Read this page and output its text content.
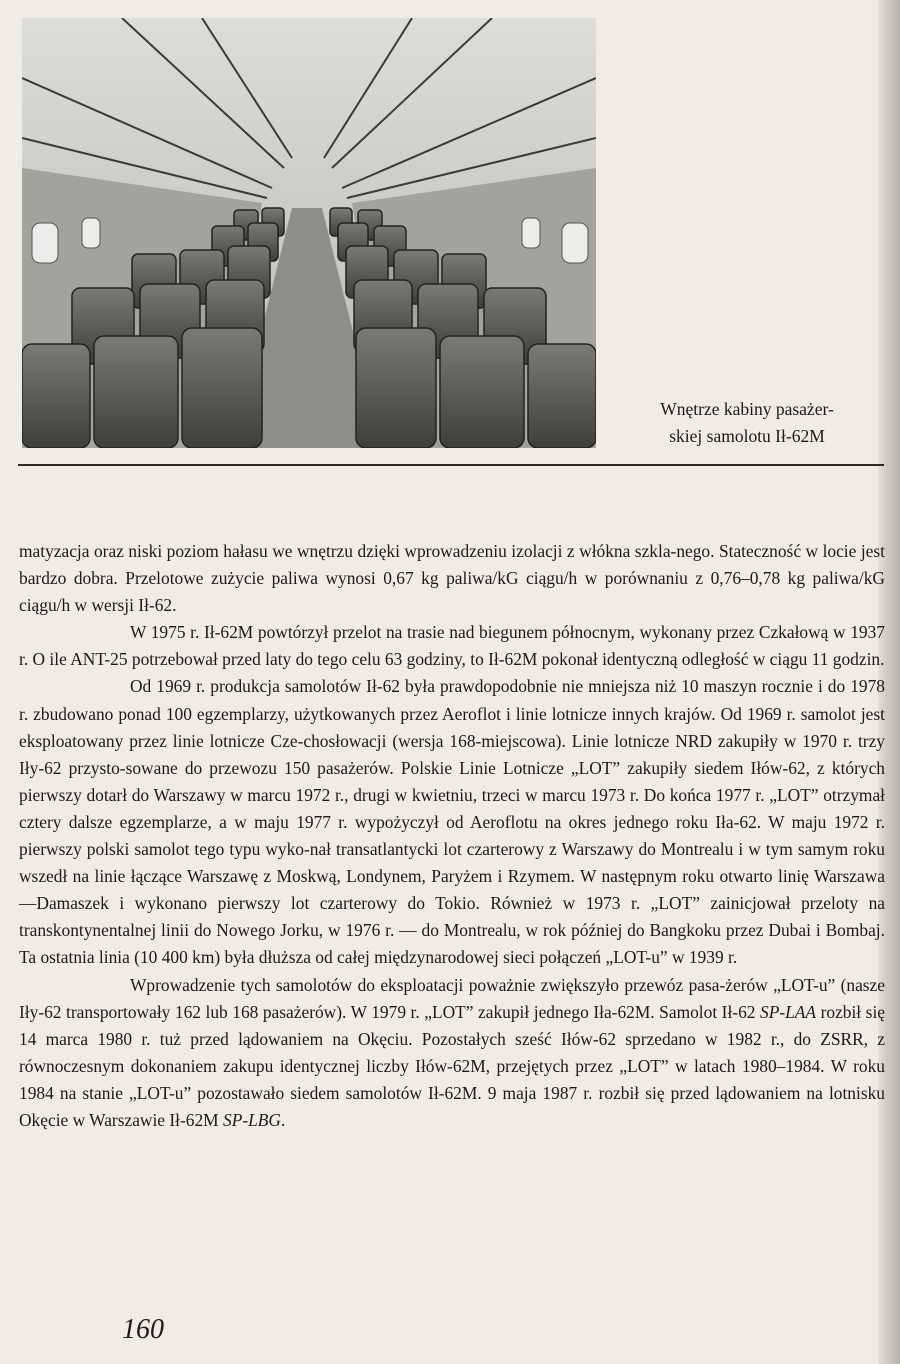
Wnętrze kabiny pasażer-
skiej samolotu Ił-62M

matyzacja oraz niski poziom hałasu we wnętrzu dzięki wprowadzeniu izolacji z włókna szkla-nego. Stateczność w locie jest bardzo dobra. Przelotowe zużycie paliwa wynosi 0,67 kg paliwa/kG ciągu/h w porównaniu z 0,76–0,78 kg paliwa/kG ciągu/h w wersji Ił-62.

W 1975 r. Ił-62M powtórzył przelot na trasie nad biegunem północnym, wykonany przez Czkałową w 1937 r. O ile ANT-25 potrzebował przed laty do tego celu 63 godziny, to Ił-62M pokonał identyczną odległość w ciągu 11 godzin.

Od 1969 r. produkcja samolotów Ił-62 była prawdopodobnie nie mniejsza niż 10 maszyn rocznie i do 1978 r. zbudowano ponad 100 egzemplarzy, użytkowanych przez Aeroflot i linie lotnicze innych krajów. Od 1969 r. samolot jest eksploatowany przez linie lotnicze Cze-chosłowacji (wersja 168-miejscowa). Linie lotnicze NRD zakupiły w 1970 r. trzy Iły-62 przysto-sowane do przewozu 150 pasażerów. Polskie Linie Lotnicze „LOT” zakupiły siedem Iłów-62, z których pierwszy dotarł do Warszawy w marcu 1972 r., drugi w kwietniu, trzeci w marcu 1973 r. Do końca 1977 r. „LOT” otrzymał cztery dalsze egzemplarze, a w maju 1977 r. wypożyczył od Aeroflotu na okres jednego roku Iła-62. W maju 1972 r. pierwszy polski samolot tego typu wyko-nał transatlantycki lot czarterowy z Warszawy do Montrealu i w tym samym roku wszedł na linie łączące Warszawę z Moskwą, Londynem, Paryżem i Rzymem. W następnym roku otwarto linię Warszawa—Damaszek i wykonano pierwszy lot czarterowy do Tokio. Również w 1973 r. „LOT” zainicjował przeloty na transkontynentalnej linii do Nowego Jorku, w 1976 r. — do Montrealu, w rok później do Bangkoku przez Dubai i Bombaj. Ta ostatnia linia (10 400 km) była dłuższa od całej międzynarodowej sieci połączeń „LOT-u” w 1939 r.

Wprowadzenie tych samolotów do eksploatacji poważnie zwiększyło przewóz pasa-żerów „LOT-u” (nasze Iły-62 transportowały 162 lub 168 pasażerów). W 1979 r. „LOT” zakupił jednego Iła-62M. Samolot Ił-62 SP-LAA rozbił się 14 marca 1980 r. tuż przed lądowaniem na Okęciu. Pozostałych sześć Iłów-62 sprzedano w 1982 r., do ZSRR, z równoczesnym dokonaniem zakupu identycznej liczby Iłów-62M, przejętych przez „LOT” w latach 1980–1984. W roku 1984 na stanie „LOT-u” pozostawało siedem samolotów Ił-62M. 9 maja 1987 r. rozbił się przed lądowaniem na lotnisku Okęcie w Warszawie Ił-62M SP-LBG.

160
